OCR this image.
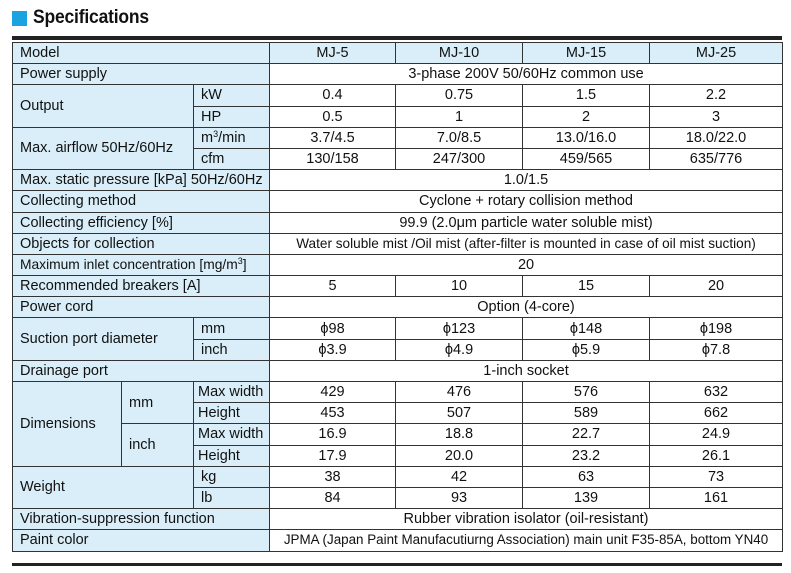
Specifications
Model			MJ-5	MJ-10	MJ-15	MJ-25
Power supply			3-phase 200V 50/60Hz common use			
Output		kW	0.4	0.75	1.5	2.2
		HP	0.5	1	2	3
Max. airflow 50Hz/60Hz		$m^3/\min$	3.7/4.5	7.0/8.5	13.0/16.0	18.0/22.0
		cfm	130/158	247/300	459/565	635/776
Max. static pressure [kPa] 50Hz/60Hz			1.0/1.5			
Collecting method			Cyclone + rotary collision method			
Collecting efficiency [%]			99.9 (2.0μm particle water soluble mist)			
Objects for collection			Water soluble mist /Oil mist (after-filter is mounted in case of oil mist suction)			
Maximum inlet concentration $[mg/m^3]$			20			
Recommended breakers [A]			5	10	15	20
Power cord			Option (4-core)			
Suction port diameter		mm	ϕ98	ϕ123	ϕ148	ϕ198
		inch	ϕ3.9	ϕ4.9	ϕ5.9	ϕ7.8
Drainage port			1-inch socket			
Dimensions	mm	Max width	429	476	576	632
		Height	453	507	589	662
	inch	Max width	16.9	18.8	22.7	24.9
		Height	17.9	20.0	23.2	26.1
Weight		kg	38	42	63	73
		lb	84	93	139	161
Vibration-suppression function			Rubber vibration isolator (oil-resistant)			
Paint color			JPMA (Japan Paint Manufacutiurng Association) main unit F35-85A, bottom YN40			
